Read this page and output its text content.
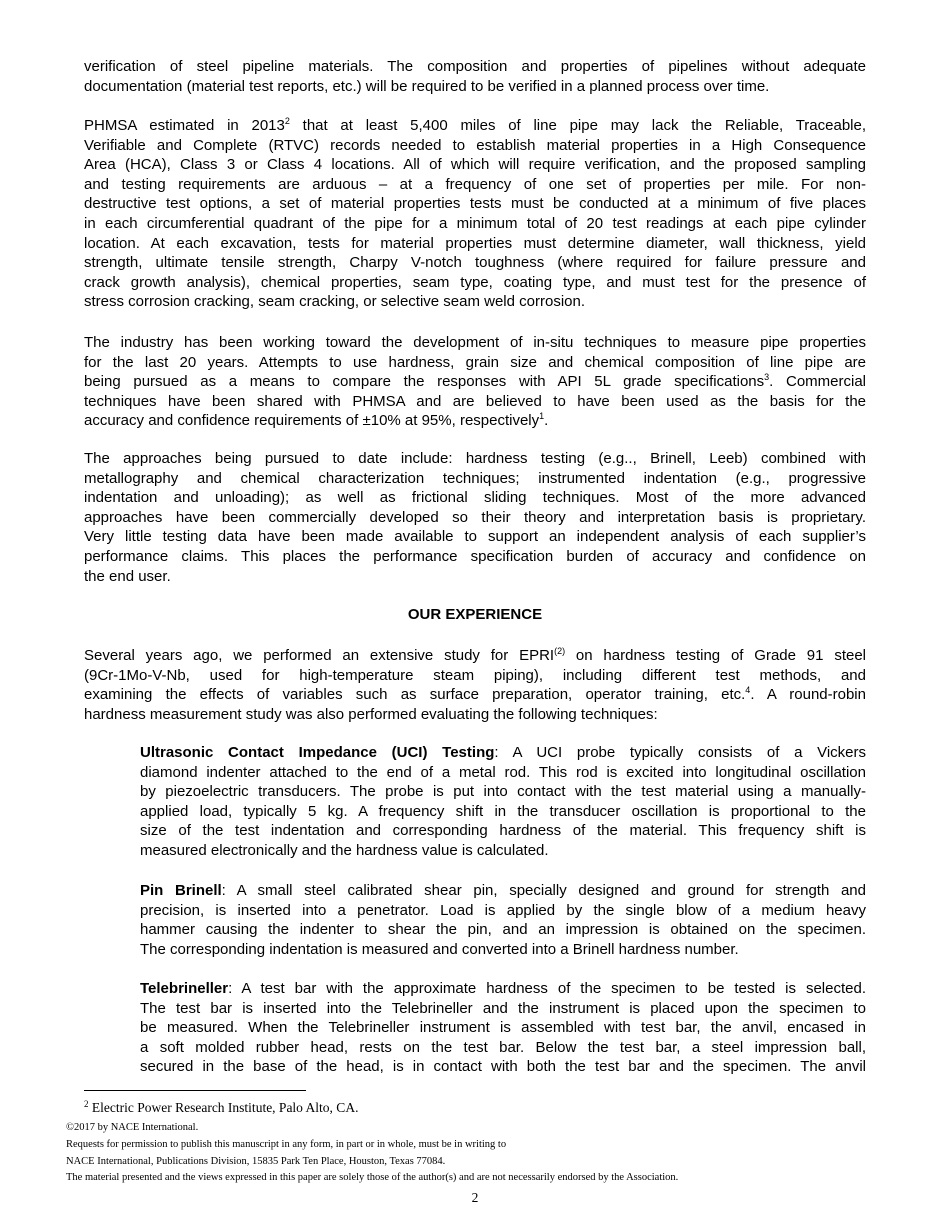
verification of steel pipeline materials. The composition and properties of pipelines without adequate
documentation (material test reports, etc.) will be required to be verified in a planned process over time.
PHMSA estimated in 2013$^2$ that at least 5,400 miles of line pipe may lack the Reliable, Traceable,
Verifiable and Complete (RTVC) records needed to establish material properties in a High Consequence
Area (HCA), Class 3 or Class 4 locations. All of which will require verification, and the proposed sampling
and testing requirements are arduous – at a frequency of one set of properties per mile. For non-
destructive test options, a set of material properties tests must be conducted at a minimum of five places
in each circumferential quadrant of the pipe for a minimum total of 20 test readings at each pipe cylinder
location. At each excavation, tests for material properties must determine diameter, wall thickness, yield
strength, ultimate tensile strength, Charpy V-notch toughness (where required for failure pressure and
crack growth analysis), chemical properties, seam type, coating type, and must test for the presence of
stress corrosion cracking, seam cracking, or selective seam weld corrosion.
The industry has been working toward the development of in-situ techniques to measure pipe properties
for the last 20 years. Attempts to use hardness, grain size and chemical composition of line pipe are
being pursued as a means to compare the responses with API 5L grade specifications$^3$. Commercial
techniques have been shared with PHMSA and are believed to have been used as the basis for the
accuracy and confidence requirements of ±10% at 95%, respectively$^1$.
The approaches being pursued to date include: hardness testing (e.g.., Brinell, Leeb) combined with
metallography and chemical characterization techniques; instrumented indentation (e.g., progressive
indentation and unloading); as well as frictional sliding techniques. Most of the more advanced
approaches have been commercially developed so their theory and interpretation basis is proprietary.
Very little testing data have been made available to support an independent analysis of each supplier’s
performance claims. This places the performance specification burden of accuracy and confidence on
the end user.
Several years ago, we performed an extensive study for EPRI$^{(2)}$ on hardness testing of Grade 91 steel
(9Cr-1Mo-V-Nb, used for high-temperature steam piping), including different test methods, and
examining the effects of variables such as surface preparation, operator training, etc.$^4$. A round-robin
hardness measurement study was also performed evaluating the following techniques:
Ultrasonic Contact Impedance (UCI) Testing: A UCI probe typically consists of a Vickers
diamond indenter attached to the end of a metal rod. This rod is excited into longitudinal oscillation
by piezoelectric transducers. The probe is put into contact with the test material using a manually-
applied load, typically 5 kg. A frequency shift in the transducer oscillation is proportional to the
size of the test indentation and corresponding hardness of the material. This frequency shift is
measured electronically and the hardness value is calculated.
Pin Brinell: A small steel calibrated shear pin, specially designed and ground for strength and
precision, is inserted into a penetrator. Load is applied by the single blow of a medium heavy
hammer causing the indenter to shear the pin, and an impression is obtained on the specimen.
The corresponding indentation is measured and converted into a Brinell hardness number.
Telebrineller: A test bar with the approximate hardness of the specimen to be tested is selected.
The test bar is inserted into the Telebrineller and the instrument is placed upon the specimen to
be measured. When the Telebrineller instrument is assembled with test bar, the anvil, encased in
a soft molded rubber head, rests on the test bar. Below the test bar, a steel impression ball,
secured in the base of the head, is in contact with both the test bar and the specimen. The anvil
OUR EXPERIENCE
$^2$ Electric Power Research Institute, Palo Alto, CA.
©2017 by NACE International.
Requests for permission to publish this manuscript in any form, in part or in whole, must be in writing to
NACE International, Publications Division, 15835 Park Ten Place, Houston, Texas 77084.
The material presented and the views expressed in this paper are solely those of the author(s) and are not necessarily endorsed by the Association.
2
